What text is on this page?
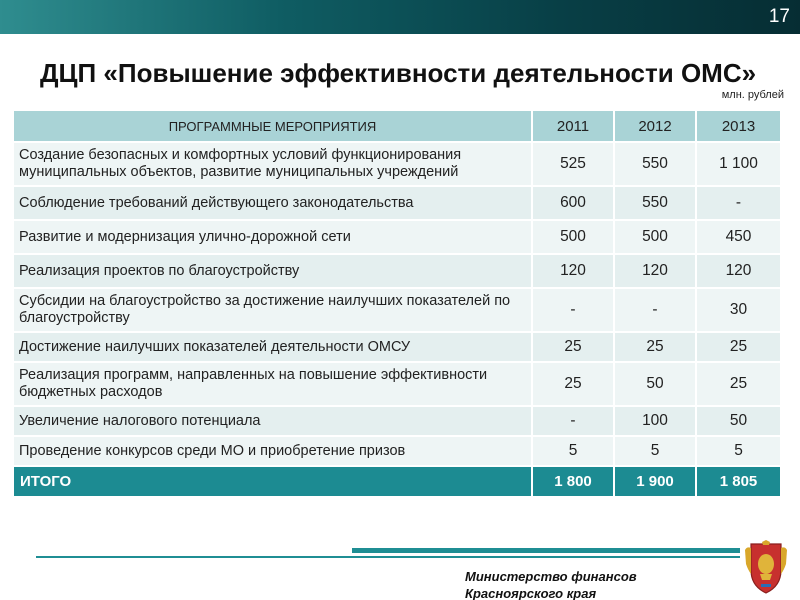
17
ДЦП «Повышение эффективности деятельности ОМС»
млн. рублей
ПРОГРАММНЫЕ МЕРОПРИЯТИЯ	2011	2012	2013
Создание безопасных и комфортных условий функционирования муниципальных объектов, развитие муниципальных учреждений	525	550	1 100
Соблюдение требований действующего законодательства	600	550	-
Развитие и модернизация улично-дорожной сети	500	500	450
Реализация проектов по благоустройству	120	120	120
Субсидии на благоустройство за достижение наилучших показателей по благоустройству	-	-	30
Достижение наилучших показателей деятельности ОМСУ	25	25	25
Реализация программ, направленных на повышение эффективности бюджетных расходов	25	50	25
Увеличение налогового потенциала	-	100	50
Проведение конкурсов среди МО и приобретение призов	5	5	5
ИТОГО	1 800	1 900	1 805
Министерство финансов
Красноярского края
